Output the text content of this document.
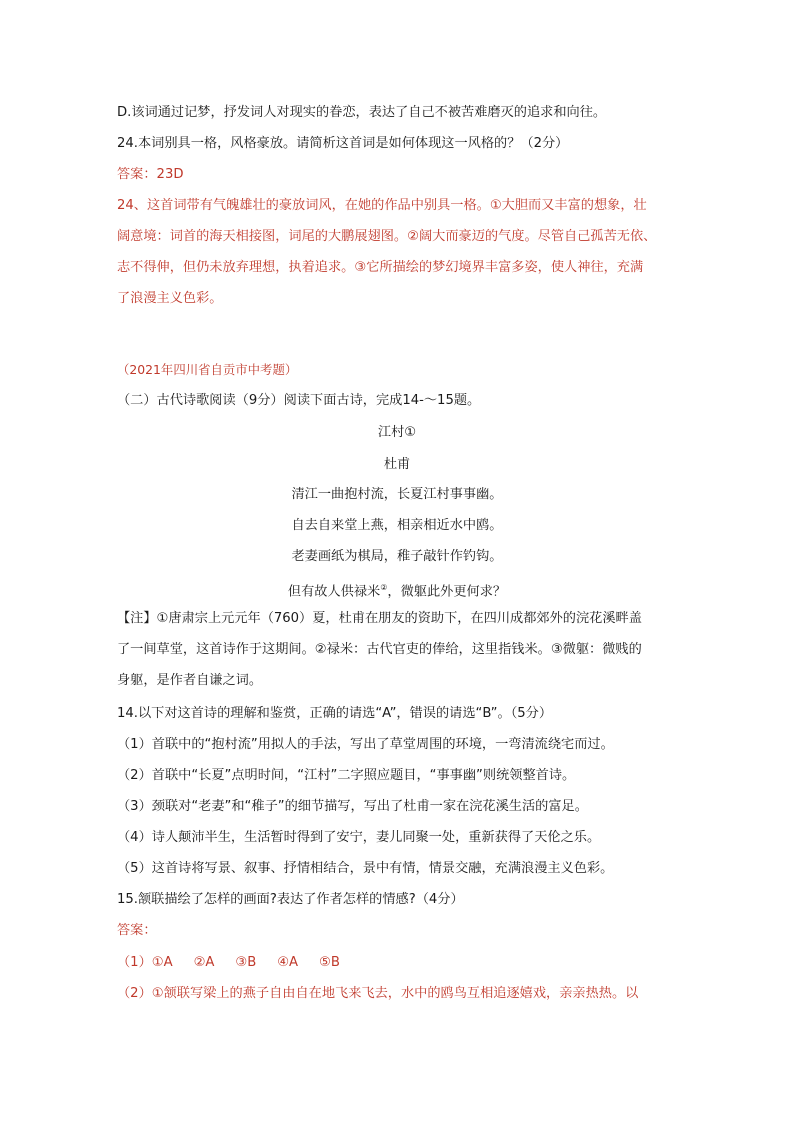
D.该词通过记梦，抒发词人对现实的眷恋，表达了自己不被苦难磨灭的追求和向往。
24.本词别具一格，风格豪放。请简析这首词是如何体现这一风格的？（2分）
答案：23D
24、这首词带有气魄雄壮的豪放词风，在她的作品中别具一格。①大胆而又丰富的想象，壮
阔意境：词首的海天相接图，词尾的大鹏展翅图。②阔大而豪迈的气度。尽管自己孤苦无依、
志不得伸，但仍未放弃理想，执着追求。③它所描绘的梦幻境界丰富多姿，使人神往，充满
了浪漫主义色彩。
（2021年四川省自贡市中考题）
（二）古代诗歌阅读（9分）阅读下面古诗，完成14-～15题。
江村①
杜甫
清江一曲抱村流，长夏江村事事幽。
自去自来堂上燕，相亲相近水中鸥。
老妻画纸为棋局，稚子敲针作钓钩。
但有故人供禄米②，微躯此外更何求？
【注】①唐肃宗上元元年（760）夏，杜甫在朋友的资助下，在四川成都郊外的浣花溪畔盖
了一间草堂，这首诗作于这期间。②禄米：古代官吏的俸给，这里指钱米。③微躯：微贱的
身躯，是作者自谦之词。
14.以下对这首诗的理解和鉴赏，正确的请选“A”，错误的请选“B”。（5分）
（1）首联中的“抱村流”用拟人的手法，写出了草堂周围的环境，一弯清流绕宅而过。
（2）首联中“长夏”点明时间，“江村”二字照应题目，“事事幽”则统领整首诗。
（3）颈联对“老妻”和“稚子”的细节描写，写出了杜甫一家在浣花溪生活的富足。
（4）诗人颠沛半生，生活暂时得到了安宁，妻儿同聚一处，重新获得了天伦之乐。
（5）这首诗将写景、叙事、抒情相结合，景中有情，情景交融，充满浪漫主义色彩。
15.颔联描绘了怎样的画面?表达了作者怎样的情感?（4分）
答案：
（1）①A     ②A     ③B     ④A     ⑤B
（2）①颔联写梁上的燕子自由自在地飞来飞去，水中的鸥鸟互相追逐嬉戏，亲亲热热。以
